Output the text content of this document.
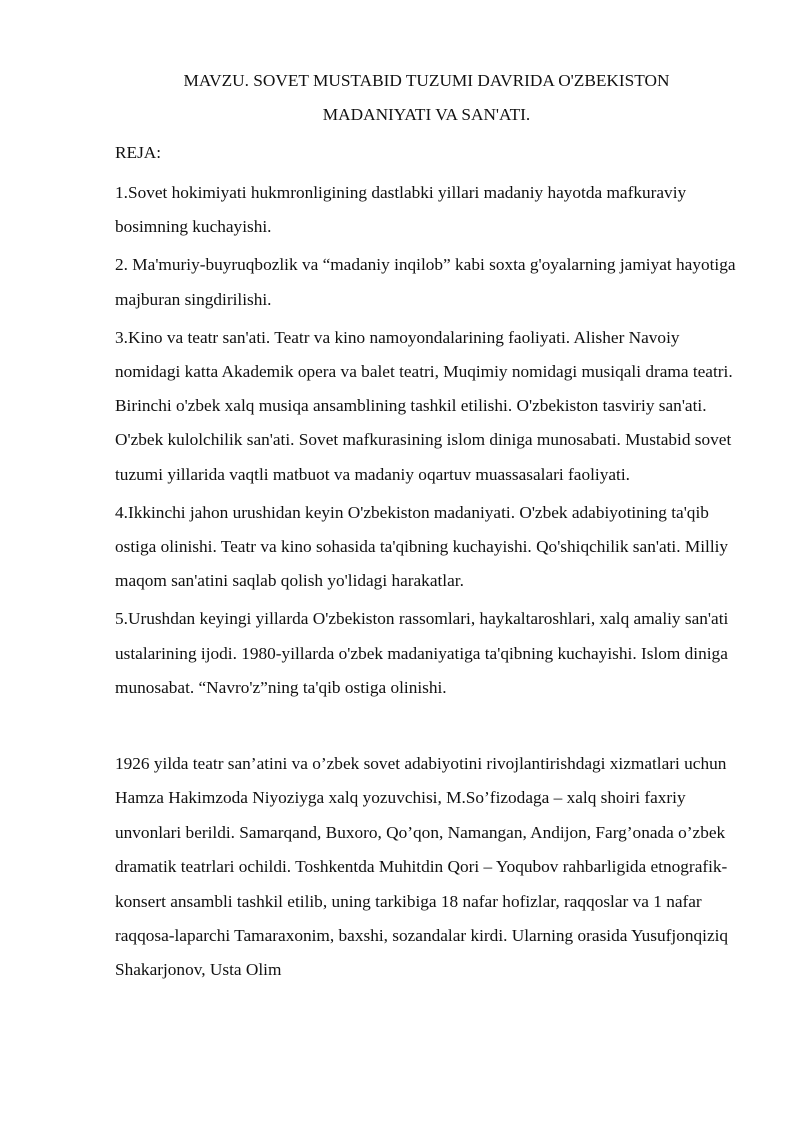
MAVZU. SOVET MUSTABID TUZUMI DAVRIDA O'ZBEKISTON
MADANIYATI VA SAN'ATI.

REJA:

1.Sovet hokimiyati hukmronligining dastlabki yillari madaniy hayotda mafkuraviy bosimning kuchayishi.

2. Ma'muriy-buyruqbozlik va “madaniy inqilob” kabi soxta g'oyalarning jamiyat hayotiga majburan singdirilishi.

3.Kino va teatr san'ati. Teatr va kino namoyondalarining faoliyati. Alisher Navoiy nomidagi katta Akademik opera va balet teatri, Muqimiy nomidagi musiqali drama teatri. Birinchi o'zbek xalq musiqa ansamblining tashkil etilishi. O'zbekiston tasviriy san'ati. O'zbek kulolchilik san'ati. Sovet mafkurasining islom diniga munosabati. Mustabid sovet tuzumi yillarida vaqtli matbuot va madaniy oqartuv muassasalari faoliyati.

4.Ikkinchi jahon urushidan keyin O'zbekiston madaniyati. O'zbek adabiyotining ta'qib ostiga olinishi. Teatr va kino sohasida ta'qibning kuchayishi. Qo'shiqchilik san'ati. Milliy maqom san'atini saqlab qolish yo'lidagi harakatlar.

5.Urushdan keyingi yillarda O'zbekiston rassomlari, haykaltaroshlari, xalq amaliy san'ati ustalarining ijodi. 1980-yillarda o'zbek madaniyatiga ta'qibning kuchayishi. Islom diniga munosabat. “Navro'z”ning ta'qib ostiga olinishi.

1926 yilda teatr san’atini va o’zbek sovet adabiyotini rivojlantirishdagi xizmatlari uchun Hamza Hakimzoda Niyoziyga xalq yozuvchisi, M.So’fizodaga – xalq shoiri faxriy unvonlari berildi. Samarqand, Buxoro, Qo’qon, Namangan, Andijon, Farg’onada o’zbek dramatik teatrlari ochildi. Toshkentda Muhitdin Qori – Yoqubov rahbarligida etnografik-konsert ansambli tashkil etilib, uning tarkibiga 18 nafar hofizlar, raqqoslar va 1 nafar raqqosa-laparchi Tamaraxonim, baxshi, sozandalar kirdi. Ularning orasida Yusufjonqiziq Shakarjonov, Usta Olim
